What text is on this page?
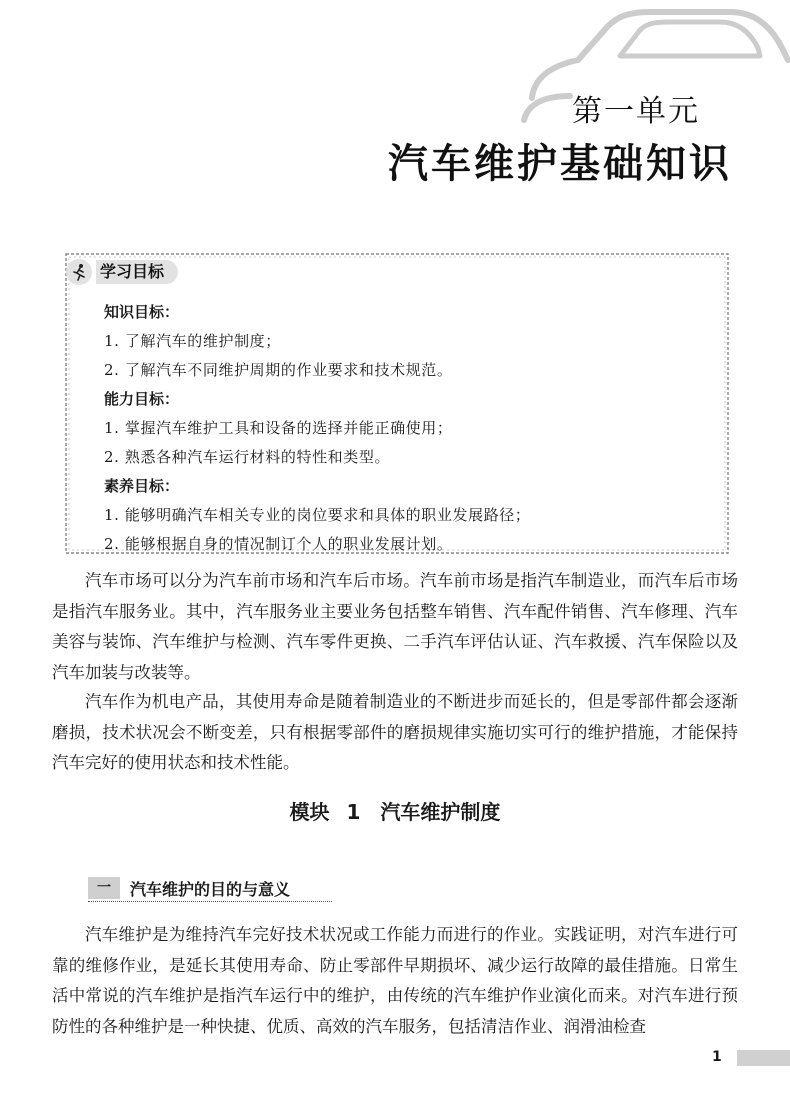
第一单元
汽车维护基础知识
学习目标
知识目标：
1. 了解汽车的维护制度；
2. 了解汽车不同维护周期的作业要求和技术规范。
能力目标：
1. 掌握汽车维护工具和设备的选择并能正确使用；
2. 熟悉各种汽车运行材料的特性和类型。
素养目标：
1. 能够明确汽车相关专业的岗位要求和具体的职业发展路径；
2. 能够根据自身的情况制订个人的职业发展计划。

汽车市场可以分为汽车前市场和汽车后市场。汽车前市场是指汽车制造业，而汽车后市场是指汽车服务业。其中，汽车服务业主要业务包括整车销售、汽车配件销售、汽车修理、汽车美容与装饰、汽车维护与检测、汽车零件更换、二手汽车评估认证、汽车救援、汽车保险以及汽车加装与改装等。

汽车作为机电产品，其使用寿命是随着制造业的不断进步而延长的，但是零部件都会逐渐磨损，技术状况会不断变差，只有根据零部件的磨损规律实施切实可行的维护措施，才能保持汽车完好的使用状态和技术性能。

模块 1　汽车维护制度
一	汽车维护的目的与意义

汽车维护是为维持汽车完好技术状况或工作能力而进行的作业。实践证明，对汽车进行可靠的维修作业，是延长其使用寿命、防止零部件早期损坏、减少运行故障的最佳措施。日常生活中常说的汽车维护是指汽车运行中的维护，由传统的汽车维护作业演化而来。对汽车进行预防性的各种维护是一种快捷、优质、高效的汽车服务，包括清洁作业、润滑油检查

1
